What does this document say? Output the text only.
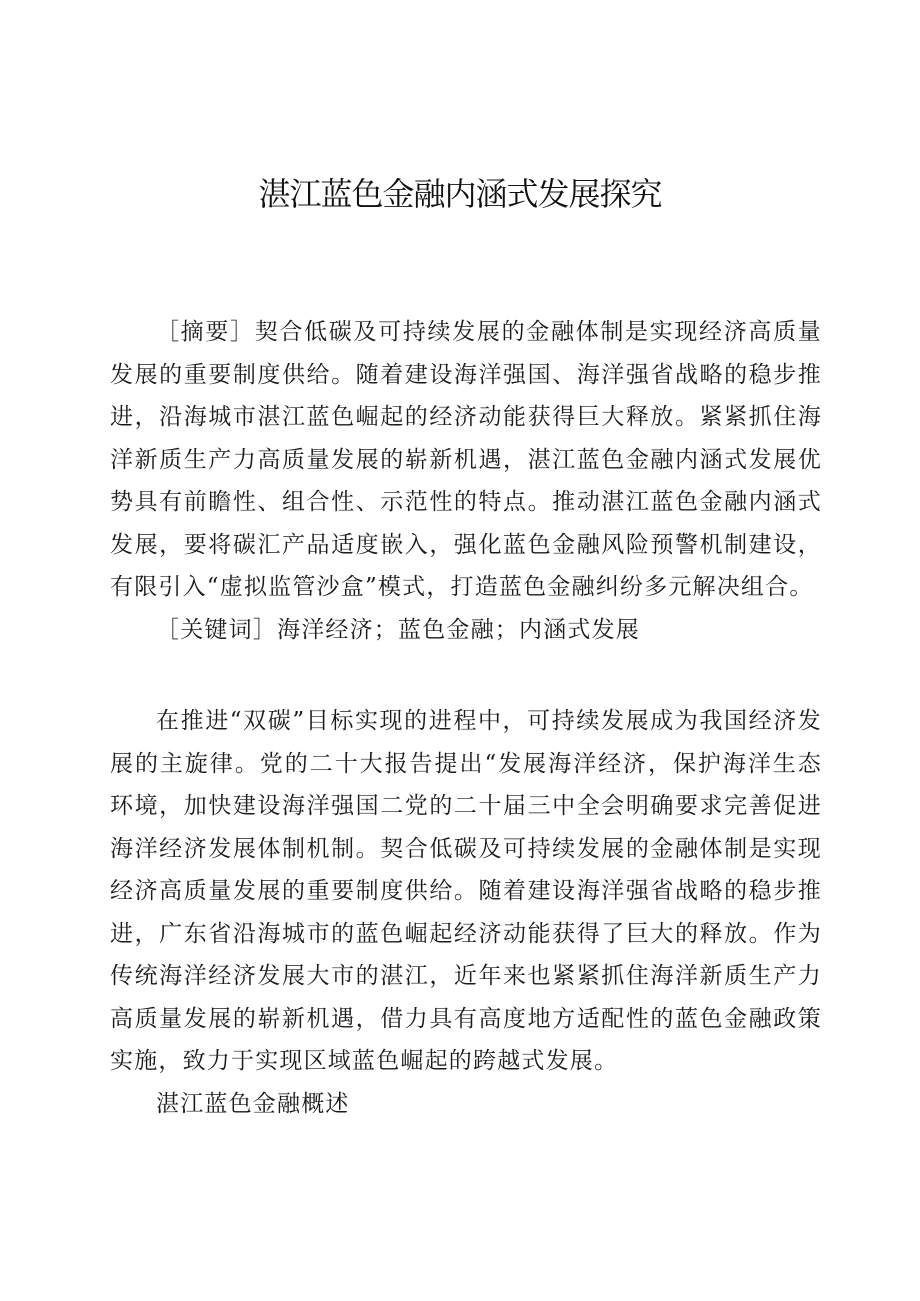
湛江蓝色金融内涵式发展探究

［摘要］契合低碳及可持续发展的金融体制是实现经济高质量发展的重要制度供给。随着建设海洋强国、海洋强省战略的稳步推进，沿海城市湛江蓝色崛起的经济动能获得巨大释放。紧紧抓住海洋新质生产力高质量发展的崭新机遇，湛江蓝色金融内涵式发展优势具有前瞻性、组合性、示范性的特点。推动湛江蓝色金融内涵式发展，要将碳汇产品适度嵌入，强化蓝色金融风险预警机制建设，有限引入“虚拟监管沙盒”模式，打造蓝色金融纠纷多元解决组合。

［关键词］海洋经济；蓝色金融；内涵式发展

在推进“双碳”目标实现的进程中，可持续发展成为我国经济发展的主旋律。党的二十大报告提出“发展海洋经济，保护海洋生态环境，加快建设海洋强国二党的二十届三中全会明确要求完善促进海洋经济发展体制机制。契合低碳及可持续发展的金融体制是实现经济高质量发展的重要制度供给。随着建设海洋强省战略的稳步推进，广东省沿海城市的蓝色崛起经济动能获得了巨大的释放。作为传统海洋经济发展大市的湛江，近年来也紧紧抓住海洋新质生产力高质量发展的崭新机遇，借力具有高度地方适配性的蓝色金融政策实施，致力于实现区域蓝色崛起的跨越式发展。

湛江蓝色金融概述
